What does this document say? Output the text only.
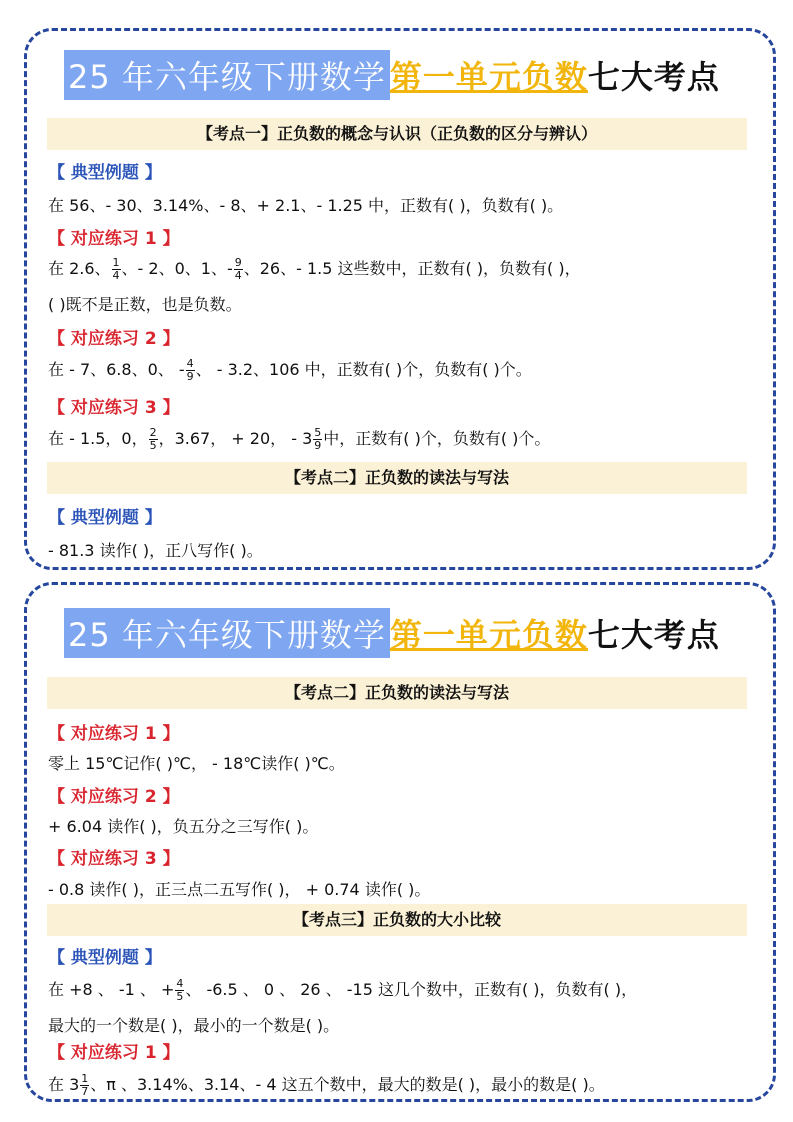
25 年六年级下册数学 第一单元负数 七大考点
【考点一】正负数的概念与认识（正负数的区分与辨认）
【 典型例题 】
在 56、- 30、3.14%、- 8、+ 2.1、- 1.25 中，正数有( )，负数有( )。
【 对应练习 1 】
在 2.6、 $\frac{1}{4}$ 、- 2、0、1、- $\frac{9}{4}$ 、26、- 1.5 这些数中，正数有( )，负数有( )，
( )既不是正数，也是负数。
【 对应练习 2 】
在 - 7、6.8、0、 - $\frac{4}{9}$ 、 - 3.2、106 中，正数有( )个，负数有( )个。
【 对应练习 3 】
在 - 1.5，0， $\frac{2}{5}$ ，3.67， + 20， - $3 \frac{5}{9}$ 中，正数有( )个，负数有( )个。
【考点二】正负数的读法与写法
【 典型例题 】
- 81.3 读作( )，正八写作( )。
25 年六年级下册数学 第一单元负数 七大考点
【考点二】正负数的读法与写法
【 对应练习 1 】
零上 15℃记作( )℃， - 18℃读作( )℃。
【 对应练习 2 】
+ 6.04 读作( )，负五分之三写作( )。
【 对应练习 3 】
- 0.8 读作( )，正三点二五写作( )， + 0.74 读作( )。
【考点三】正负数的大小比较
【 典型例题 】
在 +8 、 -1 、 + $\frac{4}{5}$ 、 -6.5 、 0 、 26 、 -15 这几个数中，正数有( )，负数有( )，
最大的一个数是( )，最小的一个数是( )。
【 对应练习 1 】
在 $3 \frac{1}{7}$ 、π 、3.14%、3.14、- 4 这五个数中，最大的数是( )，最小的数是( )。
